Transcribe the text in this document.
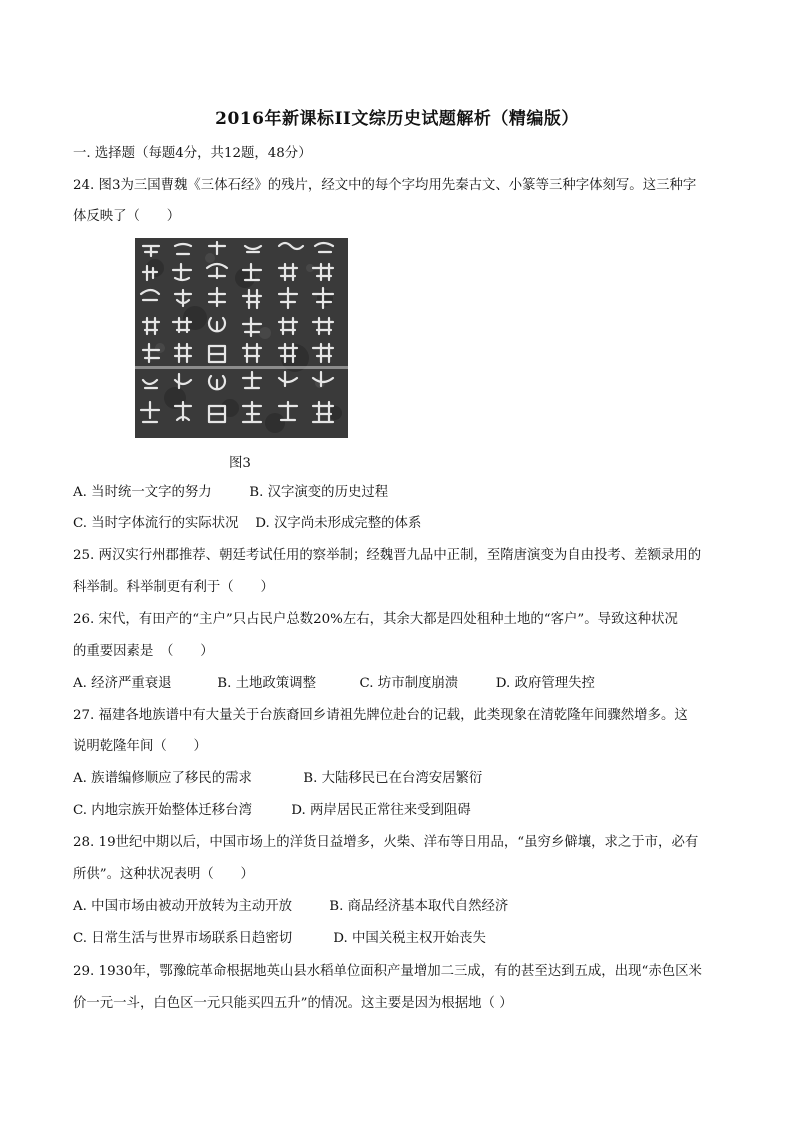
2016年新课标II文综历史试题解析（精编版）
一. 选择题（每题4分，共12题，48分）
24. 图3为三国曹魏《三体石经》的残片，经文中的每个字均用先秦古文、小篆等三种字体刻写。这三种字
体反映了（　　）
图3
A. 当时统一文字的努力	B. 汉字演变的历史过程
C. 当时字体流行的实际状况 D. 汉字尚未形成完整的体系
25. 两汉实行州郡推荐、朝廷考试任用的察举制；经魏晋九品中正制，至隋唐演变为自由投考、差额录用的
科举制。科举制更有利于（　　）
26. 宋代，有田产的“主户”只占民户总数20%左右，其余大都是四处租种土地的“客户”。导致这种状况
的重要因素是　（　　）
A. 经济严重衰退	B. 土地政策调整	C. 坊市制度崩溃	D. 政府管理失控
27. 福建各地族谱中有大量关于台族裔回乡请祖先牌位赴台的记载，此类现象在清乾隆年间骤然增多。这
说明乾隆年间（　　）
A. 族谱编修顺应了移民的需求	B. 大陆移民已在台湾安居繁衍
C. 内地宗族开始整体迁移台湾	D. 两岸居民正常往来受到阻碍
28. 19世纪中期以后，中国市场上的洋货日益增多，火柴、洋布等日用品，“虽穷乡僻壤，求之于市，必有
所供”。这种状况表明（　　）
A. 中国市场由被动开放转为主动开放	B. 商品经济基本取代自然经济
C. 日常生活与世界市场联系日趋密切	D. 中国关税主权开始丧失
29. 1930年，鄂豫皖革命根据地英山县水稻单位面积产量增加二三成，有的甚至达到五成，出现“赤色区米
价一元一斗，白色区一元只能买四五升”的情况。这主要是因为根据地（ ）
